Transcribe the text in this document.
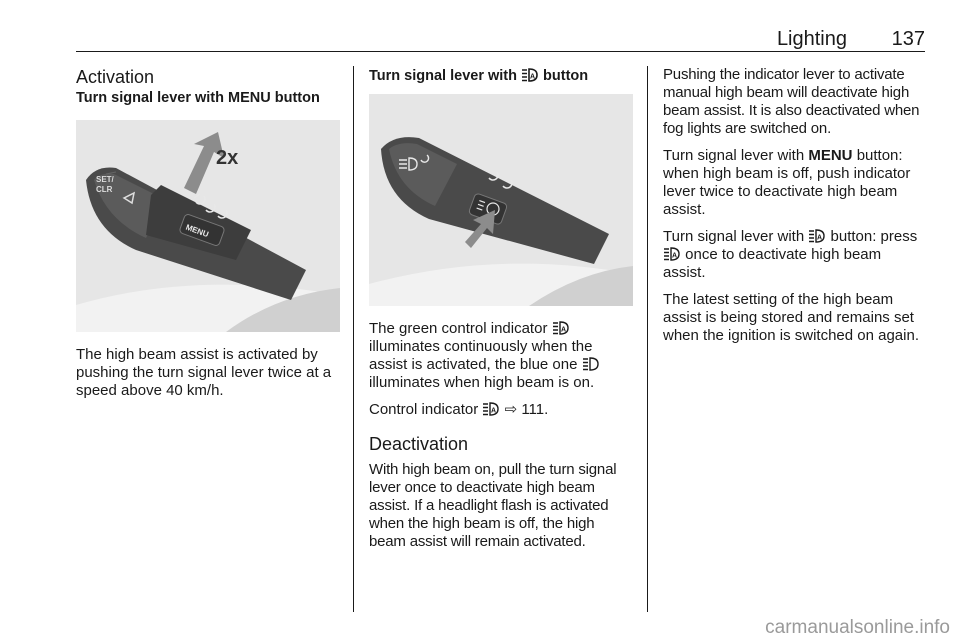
Lighting 137
Activation
Turn signal lever with MENU button
SET/
CLR
MENU
2x
The high beam assist is activated by pushing the turn signal lever twice at a speed above 40 km/h.
Turn signal lever with A button
The green control indicator A

illuminates continuously when the
assist is activated, the blue one
illuminates when high beam is on.
Control indicator A ⇨ 111.
Deactivation
With high beam on, pull the turn signal lever once to deactivate high beam assist. If a headlight flash is activated when the high beam is off, the high beam assist will remain activated.
Pushing the indicator lever to activate manual high beam will deactivate high beam assist. It is also deactivated when fog lights are switched on.
Turn signal lever with MENU button: when high beam is off, push indicator lever twice to deactivate high beam assist.
Turn signal lever with A button: press
A once to deactivate high beam assist.
The latest setting of the high beam assist is being stored and remains set when the ignition is switched on again.
carmanualsonline.info
